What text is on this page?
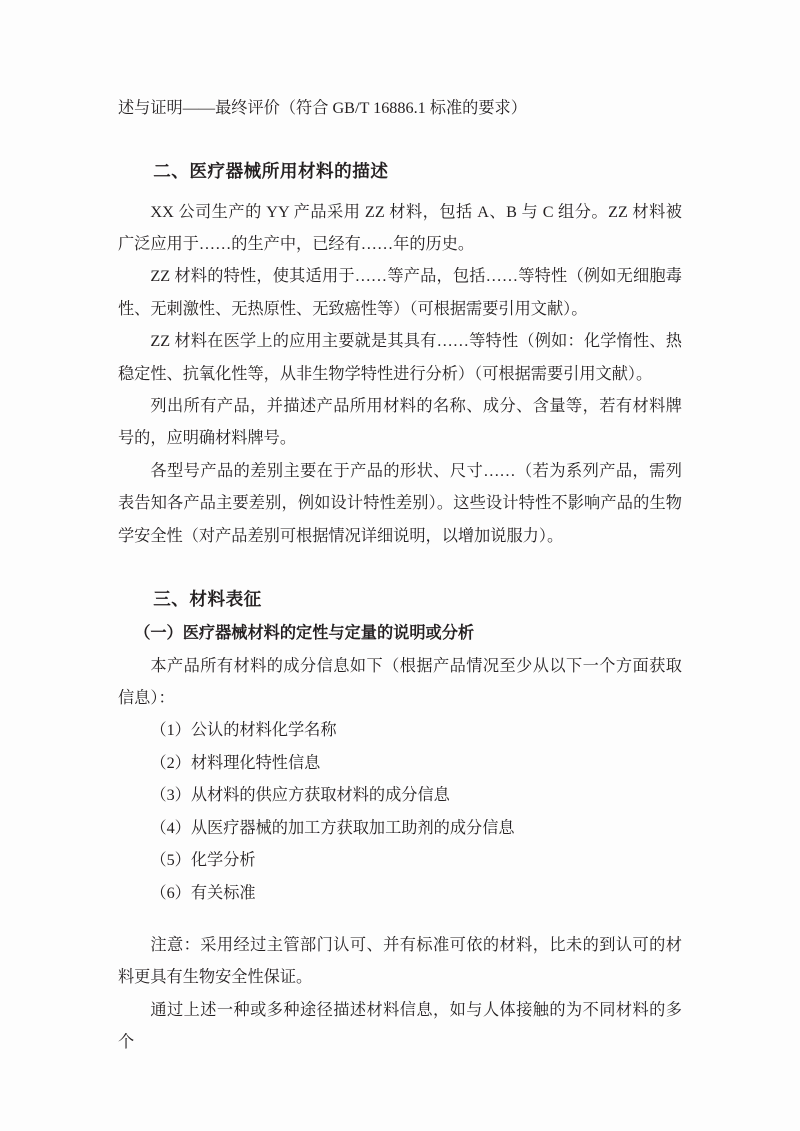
述与证明——最终评价（符合 GB/T 16886.1 标准的要求）

二、医疗器械所用材料的描述

XX 公司生产的 YY 产品采用 ZZ 材料，包括 A、B 与 C 组分。ZZ 材料被广泛应用于……的生产中，已经有……年的历史。

ZZ 材料的特性，使其适用于……等产品，包括……等特性（例如无细胞毒性、无刺激性、无热原性、无致癌性等）（可根据需要引用文献）。

ZZ 材料在医学上的应用主要就是其具有……等特性（例如：化学惰性、热稳定性、抗氧化性等，从非生物学特性进行分析）（可根据需要引用文献）。

列出所有产品，并描述产品所用材料的名称、成分、含量等，若有材料牌号的，应明确材料牌号。

各型号产品的差别主要在于产品的形状、尺寸……（若为系列产品，需列表告知各产品主要差别，例如设计特性差别）。这些设计特性不影响产品的生物学安全性（对产品差别可根据情况详细说明，以增加说服力）。

三、材料表征
（一）医疗器械材料的定性与定量的说明或分析

本产品所有材料的成分信息如下（根据产品情况至少从以下一个方面获取信息）：

（1）公认的材料化学名称

（2）材料理化特性信息

（3）从材料的供应方获取材料的成分信息

（4）从医疗器械的加工方获取加工助剂的成分信息

（5）化学分析

（6）有关标准

注意：采用经过主管部门认可、并有标准可依的材料，比未的到认可的材料更具有生物安全性保证。

通过上述一种或多种途径描述材料信息，如与人体接触的为不同材料的多个
